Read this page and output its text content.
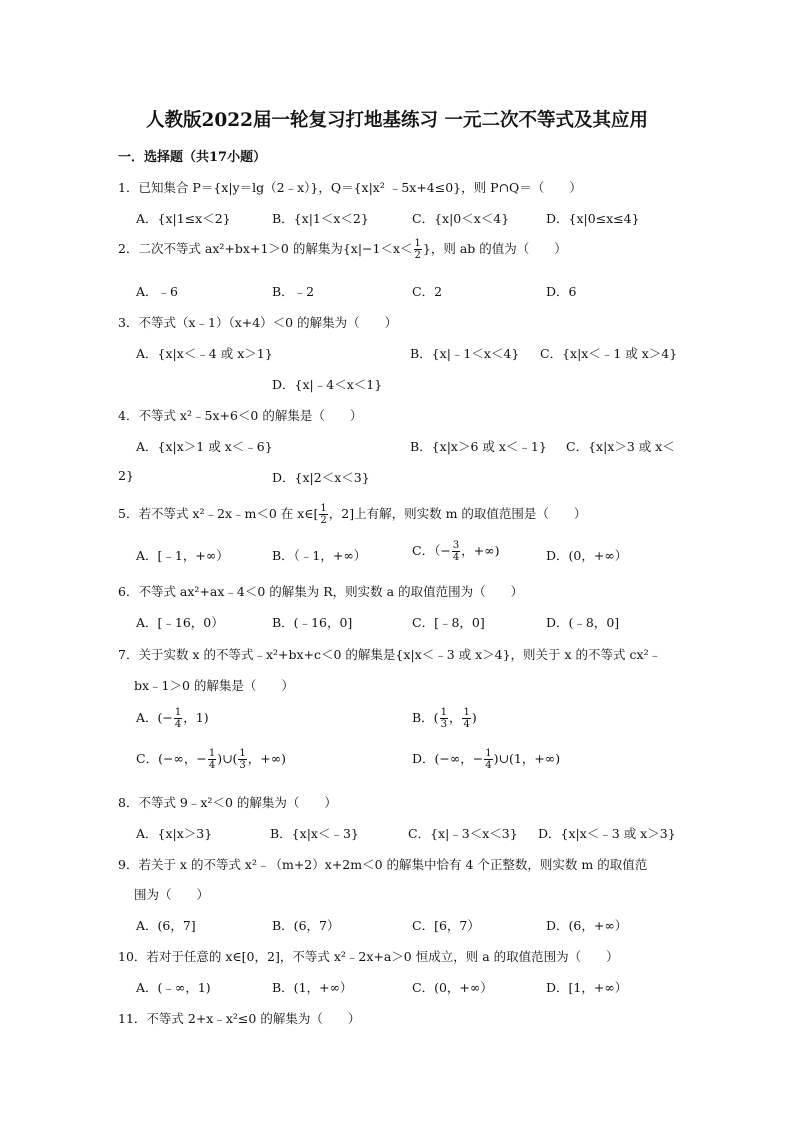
人教版2022届一轮复习打地基练习 一元二次不等式及其应用
一．选择题（共17小题）
1．已知集合 P＝{x|y＝lg（2﹣x）}，Q＝{x|x² ﹣5x+4≤0}，则 P∩Q＝（　　）
A．{x|1≤x＜2}	B．{x|1＜x＜2}	C．{x|0＜x＜4}	D．{x|0≤x≤4}
2．二次不等式 ax²+bx+1＞0 的解集为{$x|-1<x< \frac{1}{2}$ }，则 ab 的值为（　　）
A．﹣6	B．﹣2	C．2	D．6
3．不等式（x﹣1）（x+4）＜0 的解集为（　　）
A．{x|x＜﹣4 或 x＞1}	B．{x|﹣1＜x＜4} C．{x|x＜﹣1 或 x＞4}
D．{x|﹣4＜x＜1}
4．不等式 x²﹣5x+6＜0 的解集是（　　）
A．{x|x＞1 或 x＜﹣6}	B．{x|x＞6 或 x＜﹣1} C．{x|x＞3 或 x＜
2}	D．{x|2＜x＜3}
5．若不等式 x²﹣2x﹣m＜0 在 x∈[ $\frac{1}{2}$ ，2]上有解，则实数 m 的取值范围是（　　）
A．[﹣1，+∞）	B．（﹣1，+∞）	C．（− $\frac{3}{4}$ ，+∞)	D．(0，+∞）
6．不等式 ax²+ax﹣4＜0 的解集为 R，则实数 a 的取值范围为（　　）
A．[﹣16，0）	B．(﹣16，0]	C．[﹣8，0]	D．(﹣8，0]
7．关于实数 x 的不等式﹣x²+bx+c＜0 的解集是{x|x＜﹣3 或 x＞4}，则关于 x 的不等式 cx²﹣
bx﹣1＞0 的解集是（　　）
A．(− $\frac{1}{4}$ ，1)	B．( $\frac{1}{3}$ ， $\frac{1}{4}$ )
C．(−∞，− $\frac{1}{4}$ )∪( $\frac{1}{3}$ ，+∞)	D．(−∞，− $\frac{1}{4}$ )∪(1，+∞)
8．不等式 9﹣x²＜0 的解集为（　　）
A．{x|x＞3}	B．{x|x＜﹣3}	C．{x|﹣3＜x＜3} D．{x|x＜﹣3 或 x＞3}
9．若关于 x 的不等式 x²﹣（m+2）x+2m＜0 的解集中恰有 4 个正整数，则实数 m 的取值范
围为（　　）
A．(6，7]	B．(6，7）	C．[6，7）	D．(6，+∞）
10．若对于任意的 x∈[0，2]，不等式 x²﹣2x+a＞0 恒成立，则 a 的取值范围为（　　）
A．(﹣∞，1)	B．(1，+∞）	C．(0，+∞）	D．[1，+∞）
11．不等式 2+x﹣x²≤0 的解集为（　　）
